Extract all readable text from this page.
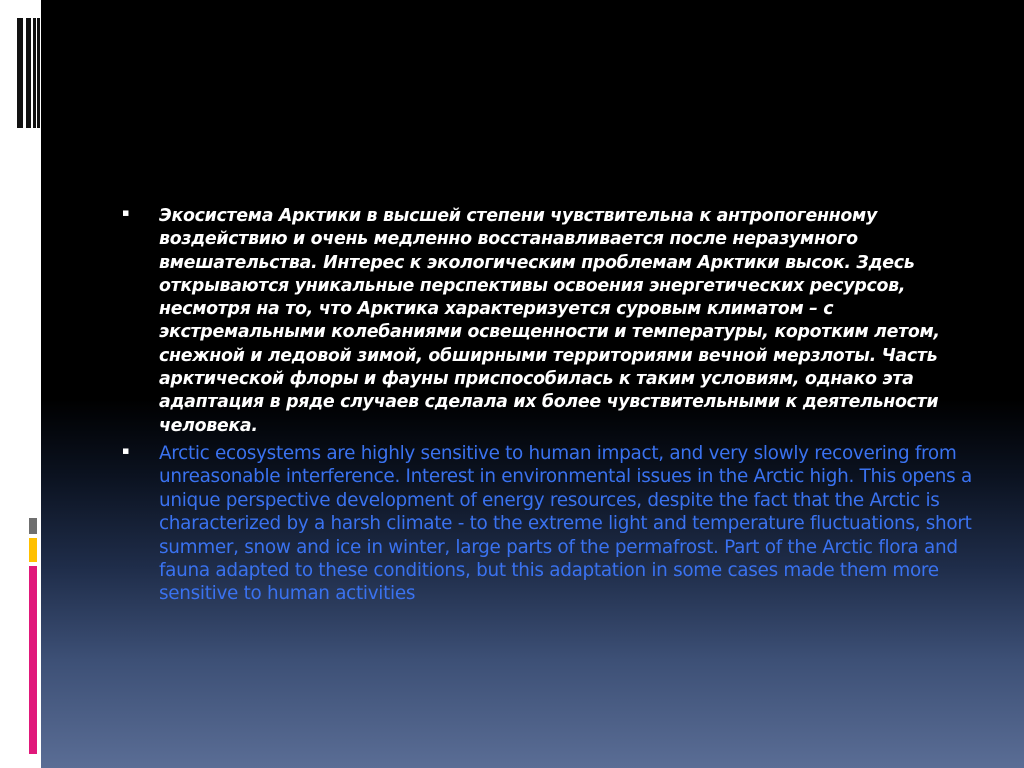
▪ Экосистема Арктики в высшей степени чувствительна к антропогенному воздействию и очень медленно восстанавливается после неразумного вмешательства. Интерес к экологическим проблемам Арктики высок. Здесь открываются уникальные перспективы освоения энергетических ресурсов, несмотря на то, что Арктика характеризуется суровым климатом – с экстремальными колебаниями освещенности и температуры, коротким летом, снежной и ледовой зимой, обширными территориями вечной мерзлоты. Часть арктической флоры и фауны приспособилась к таким условиям, однако эта адаптация в ряде случаев сделала их более чувствительными к деятельности человека.
▪ Arctic ecosystems are highly sensitive to human impact, and very slowly recovering from unreasonable interference. Interest in environmental issues in the Arctic high. This opens a unique perspective development of energy resources, despite the fact that the Arctic is characterized by a harsh climate - to the extreme light and temperature fluctuations, short summer, snow and ice in winter, large parts of the permafrost. Part of the Arctic flora and fauna adapted to these conditions, but this adaptation in some cases made them more sensitive to human activities
